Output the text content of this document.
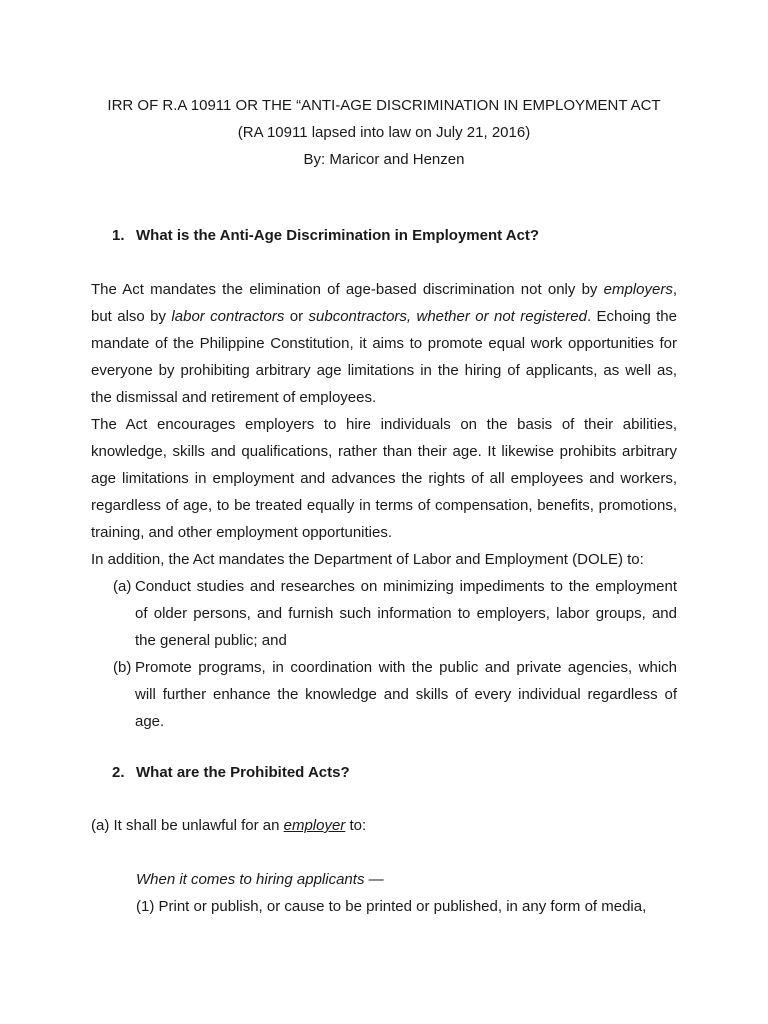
IRR OF R.A 10911 OR THE “ANTI-AGE DISCRIMINATION IN EMPLOYMENT ACT
(RA 10911 lapsed into law on July 21, 2016)
By: Maricor and Henzen
1. What is the Anti-Age Discrimination in Employment Act?
The Act mandates the elimination of age-based discrimination not only by employers, but also by labor contractors or subcontractors, whether or not registered. Echoing the mandate of the Philippine Constitution, it aims to promote equal work opportunities for everyone by prohibiting arbitrary age limitations in the hiring of applicants, as well as, the dismissal and retirement of employees.
The Act encourages employers to hire individuals on the basis of their abilities, knowledge, skills and qualifications, rather than their age. It likewise prohibits arbitrary age limitations in employment and advances the rights of all employees and workers, regardless of age, to be treated equally in terms of compensation, benefits, promotions, training, and other employment opportunities.
In addition, the Act mandates the Department of Labor and Employment (DOLE) to:
(a) Conduct studies and researches on minimizing impediments to the employment of older persons, and furnish such information to employers, labor groups, and the general public; and
(b) Promote programs, in coordination with the public and private agencies, which will further enhance the knowledge and skills of every individual regardless of age.
2. What are the Prohibited Acts?
(a) It shall be unlawful for an employer to:
When it comes to hiring applicants —
(1) Print or publish, or cause to be printed or published, in any form of media,
